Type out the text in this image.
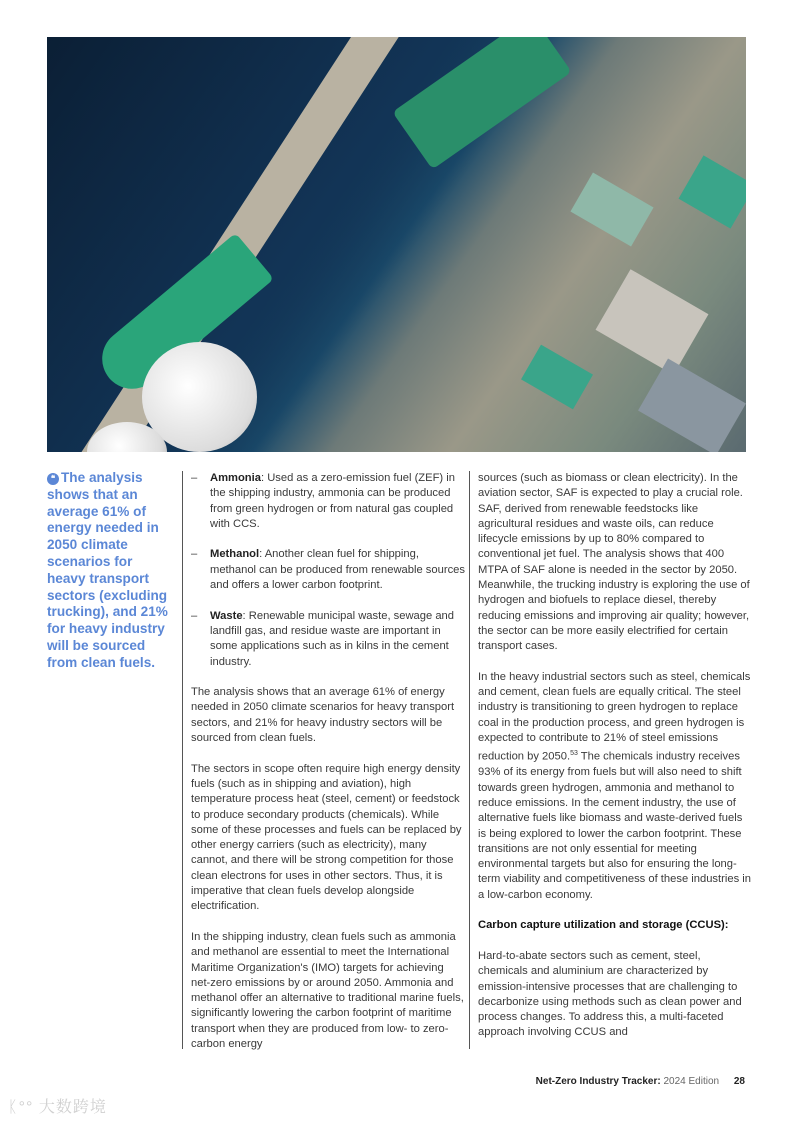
❝ The analysis shows that an average 61% of energy needed in 2050 climate scenarios for heavy transport sectors (excluding trucking), and 21% for heavy industry will be sourced from clean fuels.
–	Ammonia: Used as a zero-emission fuel (ZEF) in the shipping industry, ammonia can be produced from green hydrogen or from natural gas coupled with CCS.
–	Methanol: Another clean fuel for shipping, methanol can be produced from renewable sources and offers a lower carbon footprint.
–	Waste: Renewable municipal waste, sewage and landfill gas, and residue waste are important in some applications such as in kilns in the cement industry.

The analysis shows that an average 61% of energy needed in 2050 climate scenarios for heavy transport sectors, and 21% for heavy industry sectors will be sourced from clean fuels.

The sectors in scope often require high energy density fuels (such as in shipping and aviation), high temperature process heat (steel, cement) or feedstock to produce secondary products (chemicals). While some of these processes and fuels can be replaced by other energy carriers (such as electricity), many cannot, and there will be strong competition for those clean electrons for uses in other sectors. Thus, it is imperative that clean fuels develop alongside electrification.

In the shipping industry, clean fuels such as ammonia and methanol are essential to meet the International Maritime Organization's (IMO) targets for achieving net-zero emissions by or around 2050. Ammonia and methanol offer an alternative to traditional marine fuels, significantly lowering the carbon footprint of maritime transport when they are produced from low- to zero-carbon energy

sources (such as biomass or clean electricity). In the aviation sector, SAF is expected to play a crucial role. SAF, derived from renewable feedstocks like agricultural residues and waste oils, can reduce lifecycle emissions by up to 80% compared to conventional jet fuel. The analysis shows that 400 MTPA of SAF alone is needed in the sector by 2050. Meanwhile, the trucking industry is exploring the use of hydrogen and biofuels to replace diesel, thereby reducing emissions and improving air quality; however, the sector can be more easily electrified for certain transport cases.

In the heavy industrial sectors such as steel, chemicals and cement, clean fuels are equally critical. The steel industry is transitioning to green hydrogen to replace coal in the production process, and green hydrogen is expected to contribute to 21% of steel emissions reduction by 2050.53 The chemicals industry receives 93% of its energy from fuels but will also need to shift towards green hydrogen, ammonia and methanol to reduce emissions. In the cement industry, the use of alternative fuels like biomass and waste-derived fuels is being explored to lower the carbon footprint. These transitions are not only essential for meeting environmental targets but also for ensuring the long-term viability and competitiveness of these industries in a low-carbon economy.

Carbon capture utilization and storage (CCUS):

Hard-to-abate sectors such as cement, steel, chemicals and aluminium are characterized by emission-intensive processes that are challenging to decarbonize using methods such as clean power and process changes. To address this, a multi-faceted approach involving CCUS and

Net-Zero Industry Tracker: 2024 Edition 28
ᛕ°° 大数跨境
